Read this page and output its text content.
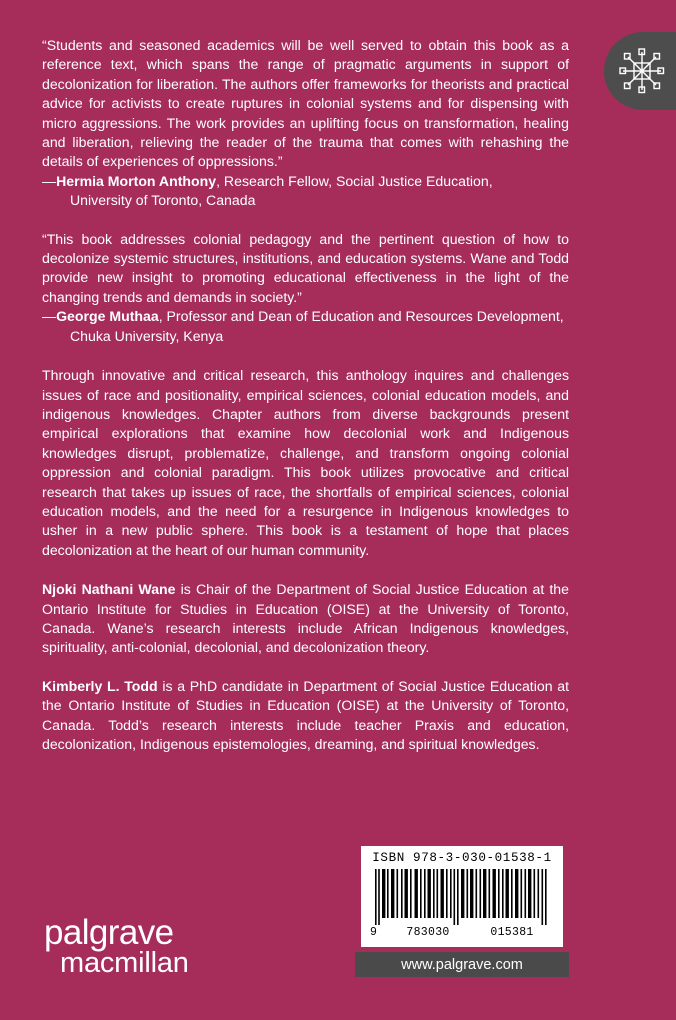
“Students and seasoned academics will be well served to obtain this book as a reference text, which spans the range of pragmatic arguments in support of decolonization for liberation. The authors offer frameworks for theorists and practical advice for activists to create ruptures in colonial systems and for dispensing with micro aggressions. The work provides an uplifting focus on transformation, healing and liberation, relieving the reader of the trauma that comes with rehashing the details of experiences of oppressions.”

—Hermia Morton Anthony, Research Fellow, Social Justice Education,
University of Toronto, Canada

“This book addresses colonial pedagogy and the pertinent question of how to decolonize systemic structures, institutions, and education systems. Wane and Todd provide new insight to promoting educational effectiveness in the light of the changing trends and demands in society.”

—George Muthaa, Professor and Dean of Education and Resources Development,
Chuka University, Kenya

Through innovative and critical research, this anthology inquires and challenges issues of race and positionality, empirical sciences, colonial education models, and indigenous knowledges. Chapter authors from diverse backgrounds present empirical explorations that examine how decolonial work and Indigenous knowledges disrupt, problematize, challenge, and transform ongoing colonial oppression and colonial paradigm. This book utilizes provocative and critical research that takes up issues of race, the shortfalls of empirical sciences, colonial education models, and the need for a resurgence in Indigenous knowledges to usher in a new public sphere. This book is a testament of hope that places decolonization at the heart of our human community.

Njoki Nathani Wane is Chair of the Department of Social Justice Education at the Ontario Institute for Studies in Education (OISE) at the University of Toronto, Canada. Wane’s research interests include African Indigenous knowledges, spirituality, anti-colonial, decolonial, and decolonization theory.

Kimberly L. Todd is a PhD candidate in Department of Social Justice Education at the Ontario Institute of Studies in Education (OISE) at the University of Toronto, Canada. Todd’s research interests include teacher Praxis and education, decolonization, Indigenous epistemologies, dreaming, and spiritual knowledges.

palgrave
macmillan
ISBN 978-3-030-01538-1
9	783030	015381
www.palgrave.com
